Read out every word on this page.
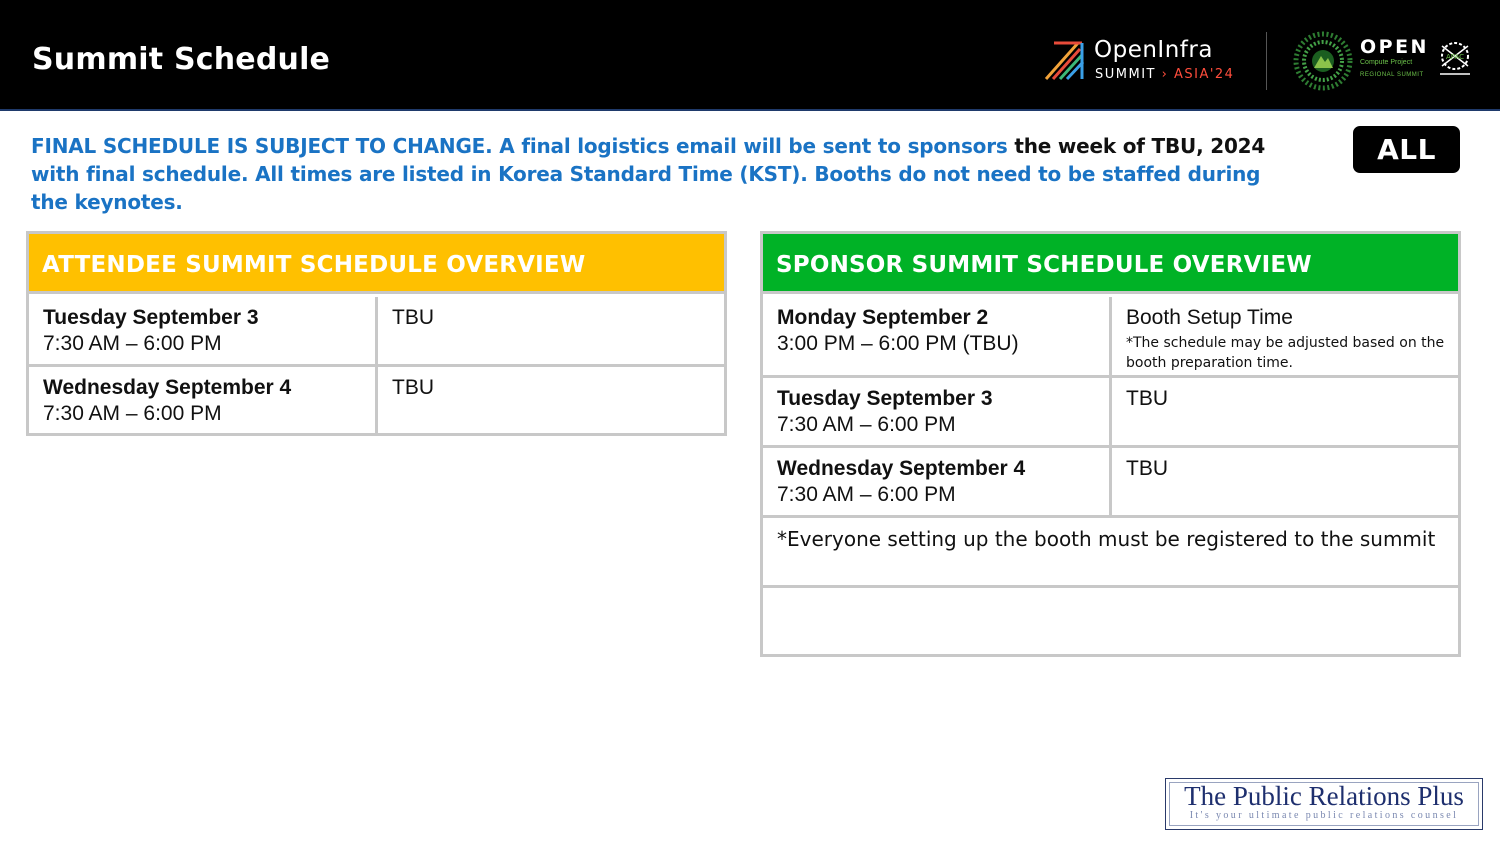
Summit Schedule	OpenInfra
SUMMIT › ASIA'24
OPEN
Compute Project
REGIONAL SUMMIT
APAC
FINAL SCHEDULE IS SUBJECT TO CHANGE. A final logistics email will be sent to sponsors the week of TBU, 2024 with final schedule. All times are listed in Korea Standard Time (KST). Booths do not need to be staffed during the keynotes.
ALL
ATTENDEE SUMMIT SCHEDULE OVERVIEW
Tuesday September 3
7:30 AM – 6:00 PM
TBU
Wednesday September 4
7:30 AM – 6:00 PM
TBU
SPONSOR SUMMIT SCHEDULE OVERVIEW
Monday September 2
3:00 PM – 6:00 PM (TBU)
Booth Setup Time
*The schedule may be adjusted based on the booth preparation time.
Tuesday September 3
7:30 AM – 6:00 PM
TBU
Wednesday September 4
7:30 AM – 6:00 PM
TBU
*Everyone setting up the booth must be registered to the summit
The Public Relations Plus
It's your ultimate public relations counsel
